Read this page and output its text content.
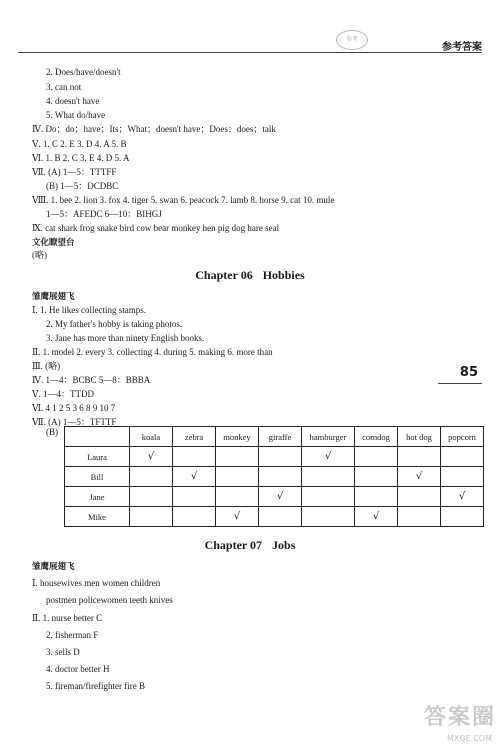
参考
参考答案
85
2. Does/have/doesn't
3. can not
4. doesn't have
5. What do/have
Ⅳ. Do；do；have；Its；What；doesn't have；Does；does；talk
Ⅴ. 1. C 2. E 3. D 4. A 5. B
Ⅵ. 1. B 2. C 3. E 4. D 5. A
Ⅶ. (A) 1—5：TTTFF
(B) 1—5：DCDBC
Ⅷ. 1. bee 2. lion 3. fox 4. tiger 5. swan 6. peacock 7. lamb 8. horse 9. cat 10. mule
1—5：AFEDC 6—10：BIHGJ
Ⅸ. cat shark frog snake bird cow bear monkey hen pig dog hare seal
文化瞭望台
(略)
Chapter 06 Hobbies
雏鹰展翅飞
Ⅰ. 1. He likes collecting stamps.
2. My father's hobby is taking photos.
3. Jane has more than ninety English books.
Ⅱ. 1. model 2. every 3. collecting 4. during 5. making 6. more than
Ⅲ. (略)
Ⅳ. 1—4：BCBC 5—8：BBBA
Ⅴ. 1—4：TTDD
Ⅵ. 4 1 2 5 3 6 8 9 10 7
Ⅶ. (A) 1—5：TFTTF
(B)
		koala	zebra	monkey	giraffe	hamburger	corndog	hot dog	popcorn
Laura	√				√			
Bill		√					√	
Jane				√				√
Mike			√			√		
Chapter 07 Jobs
雏鹰展翅飞
Ⅰ. housewives men women children
postmen policewomen teeth knives
Ⅱ. 1. nurse better C
2. fisherman F
3. sells D
4. doctor better H
5. fireman/firefighter fire B
答案圈
MXQE.COM
